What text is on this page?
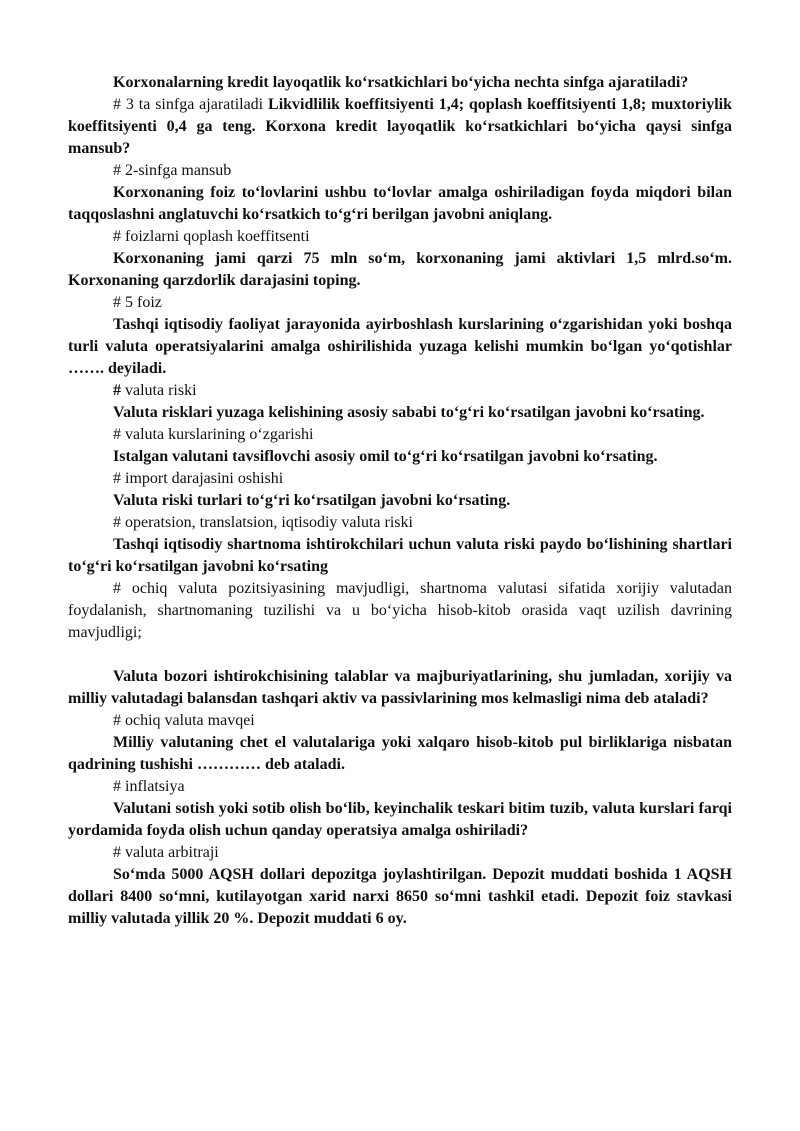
Korxonalarning kredit layoqatlik ko‘rsatkichlari bo‘yicha nechta sinfga ajaratiladi?

# 3 ta sinfga ajaratiladi Likvidlilik koeffitsiyenti 1,4; qoplash koeffitsiyenti 1,8; muxtoriylik koeffitsiyenti 0,4 ga teng. Korxona kredit layoqatlik ko‘rsatkichlari bo‘yicha qaysi sinfga mansub?

# 2-sinfga mansub

Korxonaning foiz to‘lovlarini ushbu to‘lovlar amalga oshiriladigan foyda miqdori bilan taqqoslashni anglatuvchi ko‘rsatkich to‘g‘ri berilgan javobni aniqlang.

# foizlarni qoplash koeffitsenti

Korxonaning jami qarzi 75 mln so‘m, korxonaning jami aktivlari 1,5 mlrd.so‘m. Korxonaning qarzdorlik darajasini toping.

# 5 foiz

Tashqi iqtisodiy faoliyat jarayonida ayirboshlash kurslarining o‘zgarishidan yoki boshqa turli valuta operatsiyalarini amalga oshirilishida yuzaga kelishi mumkin bo‘lgan yo‘qotishlar ……. deyiladi.

# valuta riski

Valuta risklari yuzaga kelishining asosiy sababi to‘g‘ri ko‘rsatilgan javobni ko‘rsating.

# valuta kurslarining o‘zgarishi

Istalgan valutani tavsiflovchi asosiy omil to‘g‘ri ko‘rsatilgan javobni ko‘rsating.

# import darajasini oshishi

Valuta riski turlari to‘g‘ri ko‘rsatilgan javobni ko‘rsating.

# operatsion, translatsion, iqtisodiy valuta riski

Tashqi iqtisodiy shartnoma ishtirokchilari uchun valuta riski paydo bo‘lishining shartlari to‘g‘ri ko‘rsatilgan javobni ko‘rsating

# ochiq valuta pozitsiyasining mavjudligi, shartnoma valutasi sifatida xorijiy valutadan foydalanish, shartnomaning tuzilishi va u bo‘yicha hisob-kitob orasida vaqt uzilish davrining mavjudligi;

Valuta bozori ishtirokchisining talablar va majburiyatlarining, shu jumladan, xorijiy va milliy valutadagi balansdan tashqari aktiv va passivlarining mos kelmasligi nima deb ataladi?

# ochiq valuta mavqei

Milliy valutaning chet el valutalariga yoki xalqaro hisob-kitob pul birliklariga nisbatan qadrining tushishi ………… deb ataladi.

# inflatsiya

Valutani sotish yoki sotib olish bo‘lib, keyinchalik teskari bitim tuzib, valuta kurslari farqi yordamida foyda olish uchun qanday operatsiya amalga oshiriladi?

# valuta arbitraji

So‘mda 5000 AQSH dollari depozitga joylashtirilgan. Depozit muddati boshida 1 AQSH dollari 8400 so‘mni, kutilayotgan xarid narxi 8650 so‘mni tashkil etadi. Depozit foiz stavkasi milliy valutada yillik 20 %. Depozit muddati 6 oy.
